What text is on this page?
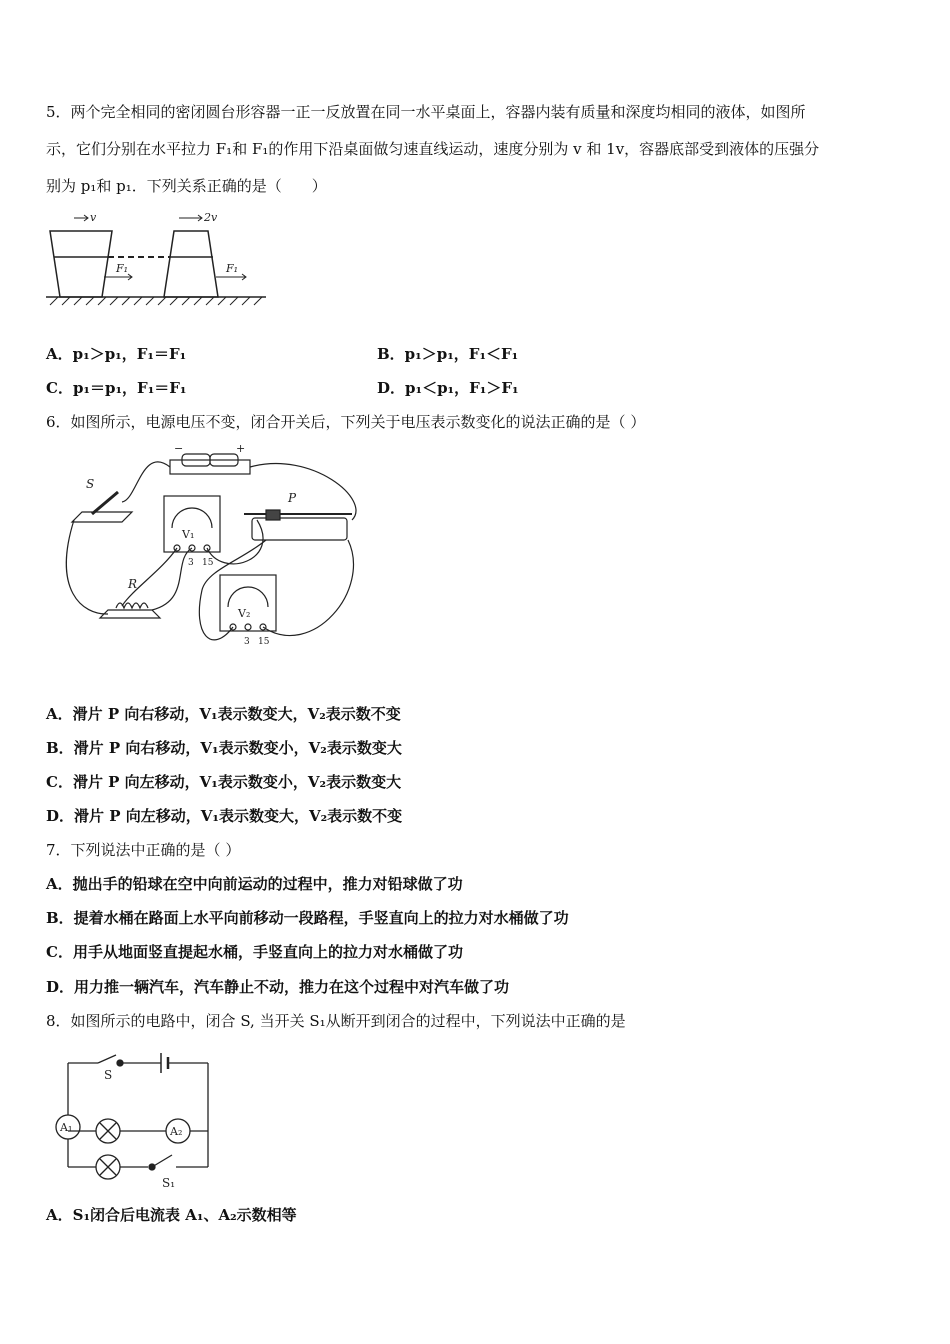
5．两个完全相同的密闭圆台形容器一正一反放置在同一水平桌面上，容器内装有质量和深度均相同的液体，如图所
示，它们分别在水平拉力 F₁和 F₁的作用下沿桌面做匀速直线运动，速度分别为 v 和 1v，容器底部受到液体的压强分
别为 p₁和 p₁．下列关系正确的是（　　）
v	2v
F₁	F₁
A．p₁＞p₁，F₁＝F₁	B．p₁＞p₁，F₁＜F₁
C．p₁＝p₁，F₁＝F₁	D．p₁＜p₁，F₁＞F₁
6．如图所示，电源电压不变，闭合开关后，下列关于电压表示数变化的说法正确的是（ ）
S
P
R
V₁
V₂
−	+
3 15
3 15
A．滑片 P 向右移动，V₁表示数变大，V₂表示数不变
B．滑片 P 向右移动，V₁表示数变小，V₂表示数变大
C．滑片 P 向左移动，V₁表示数变小，V₂表示数变大
D．滑片 P 向左移动，V₁表示数变大，V₂表示数不变
7．下列说法中正确的是（ ）
A．抛出手的铅球在空中向前运动的过程中，推力对铅球做了功
B．提着水桶在路面上水平向前移动一段路程，手竖直向上的拉力对水桶做了功
C．用手从地面竖直提起水桶，手竖直向上的拉力对水桶做了功
D．用力推一辆汽车，汽车静止不动，推力在这个过程中对汽车做了功
8．如图所示的电路中，闭合 S, 当开关 S₁从断开到闭合的过程中，下列说法中正确的是
S
A₁	A₂
S₁
A．S₁闭合后电流表 A₁、A₂示数相等
